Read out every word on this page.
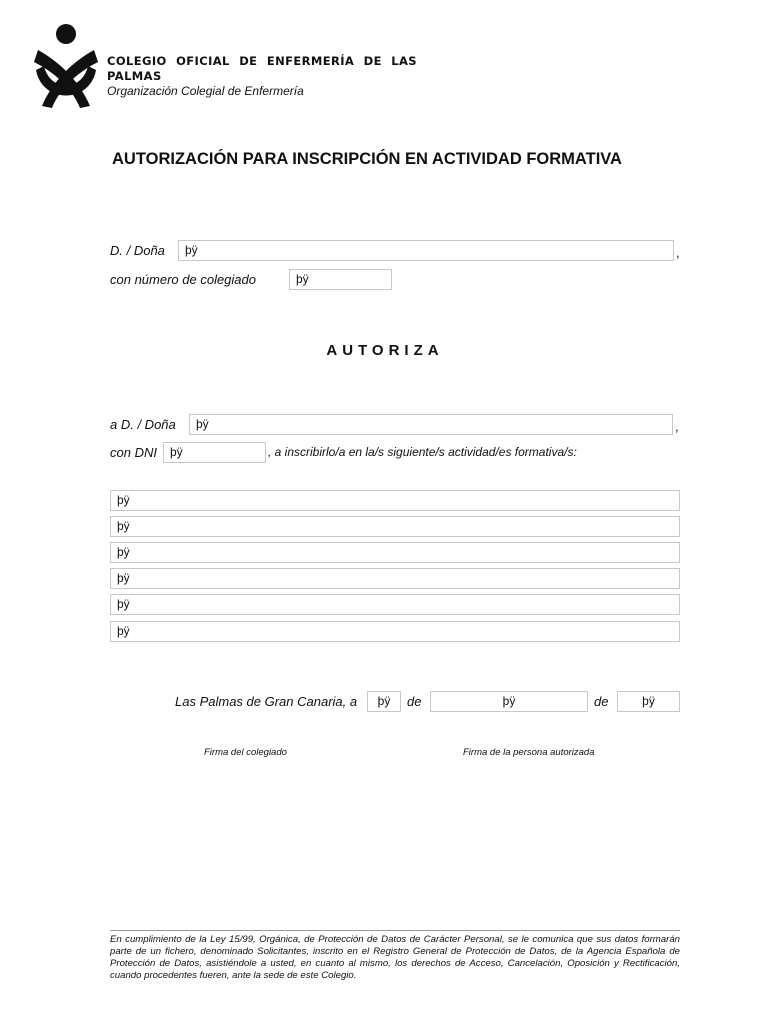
COLEGIO OFICIAL DE ENFERMERÍA DE LAS PALMAS
Organización Colegial de Enfermería
AUTORIZACIÓN PARA INSCRIPCIÓN EN ACTIVIDAD FORMATIVA
D. / Doña	þÿ	,
con número de colegiado	þÿ
AUTORIZA
a D. / Doña	þÿ	,
con DNI	þÿ	, a inscribirlo/a en la/s siguiente/s actividad/es formativa/s:
þÿ
þÿ
þÿ
þÿ
þÿ
þÿ
Las Palmas de Gran Canaria, a	þÿ	de	þÿ	de	þÿ
Firma del colegiado	Firma de la persona autorizada
En cumplimiento de la Ley 15/99, Orgánica, de Protección de Datos de Carácter Personal, se le comunica que sus datos formarán parte de un fichero, denominado Solicitantes, inscrito en el Registro General de Protección de Datos, de la Agencia Española de Protección de Datos, asistiéndole a usted, en cuanto al mismo, los derechos de Acceso, Cancelación, Oposición y Rectificación, cuando procedentes fueren, ante la sede de este Colegio.
